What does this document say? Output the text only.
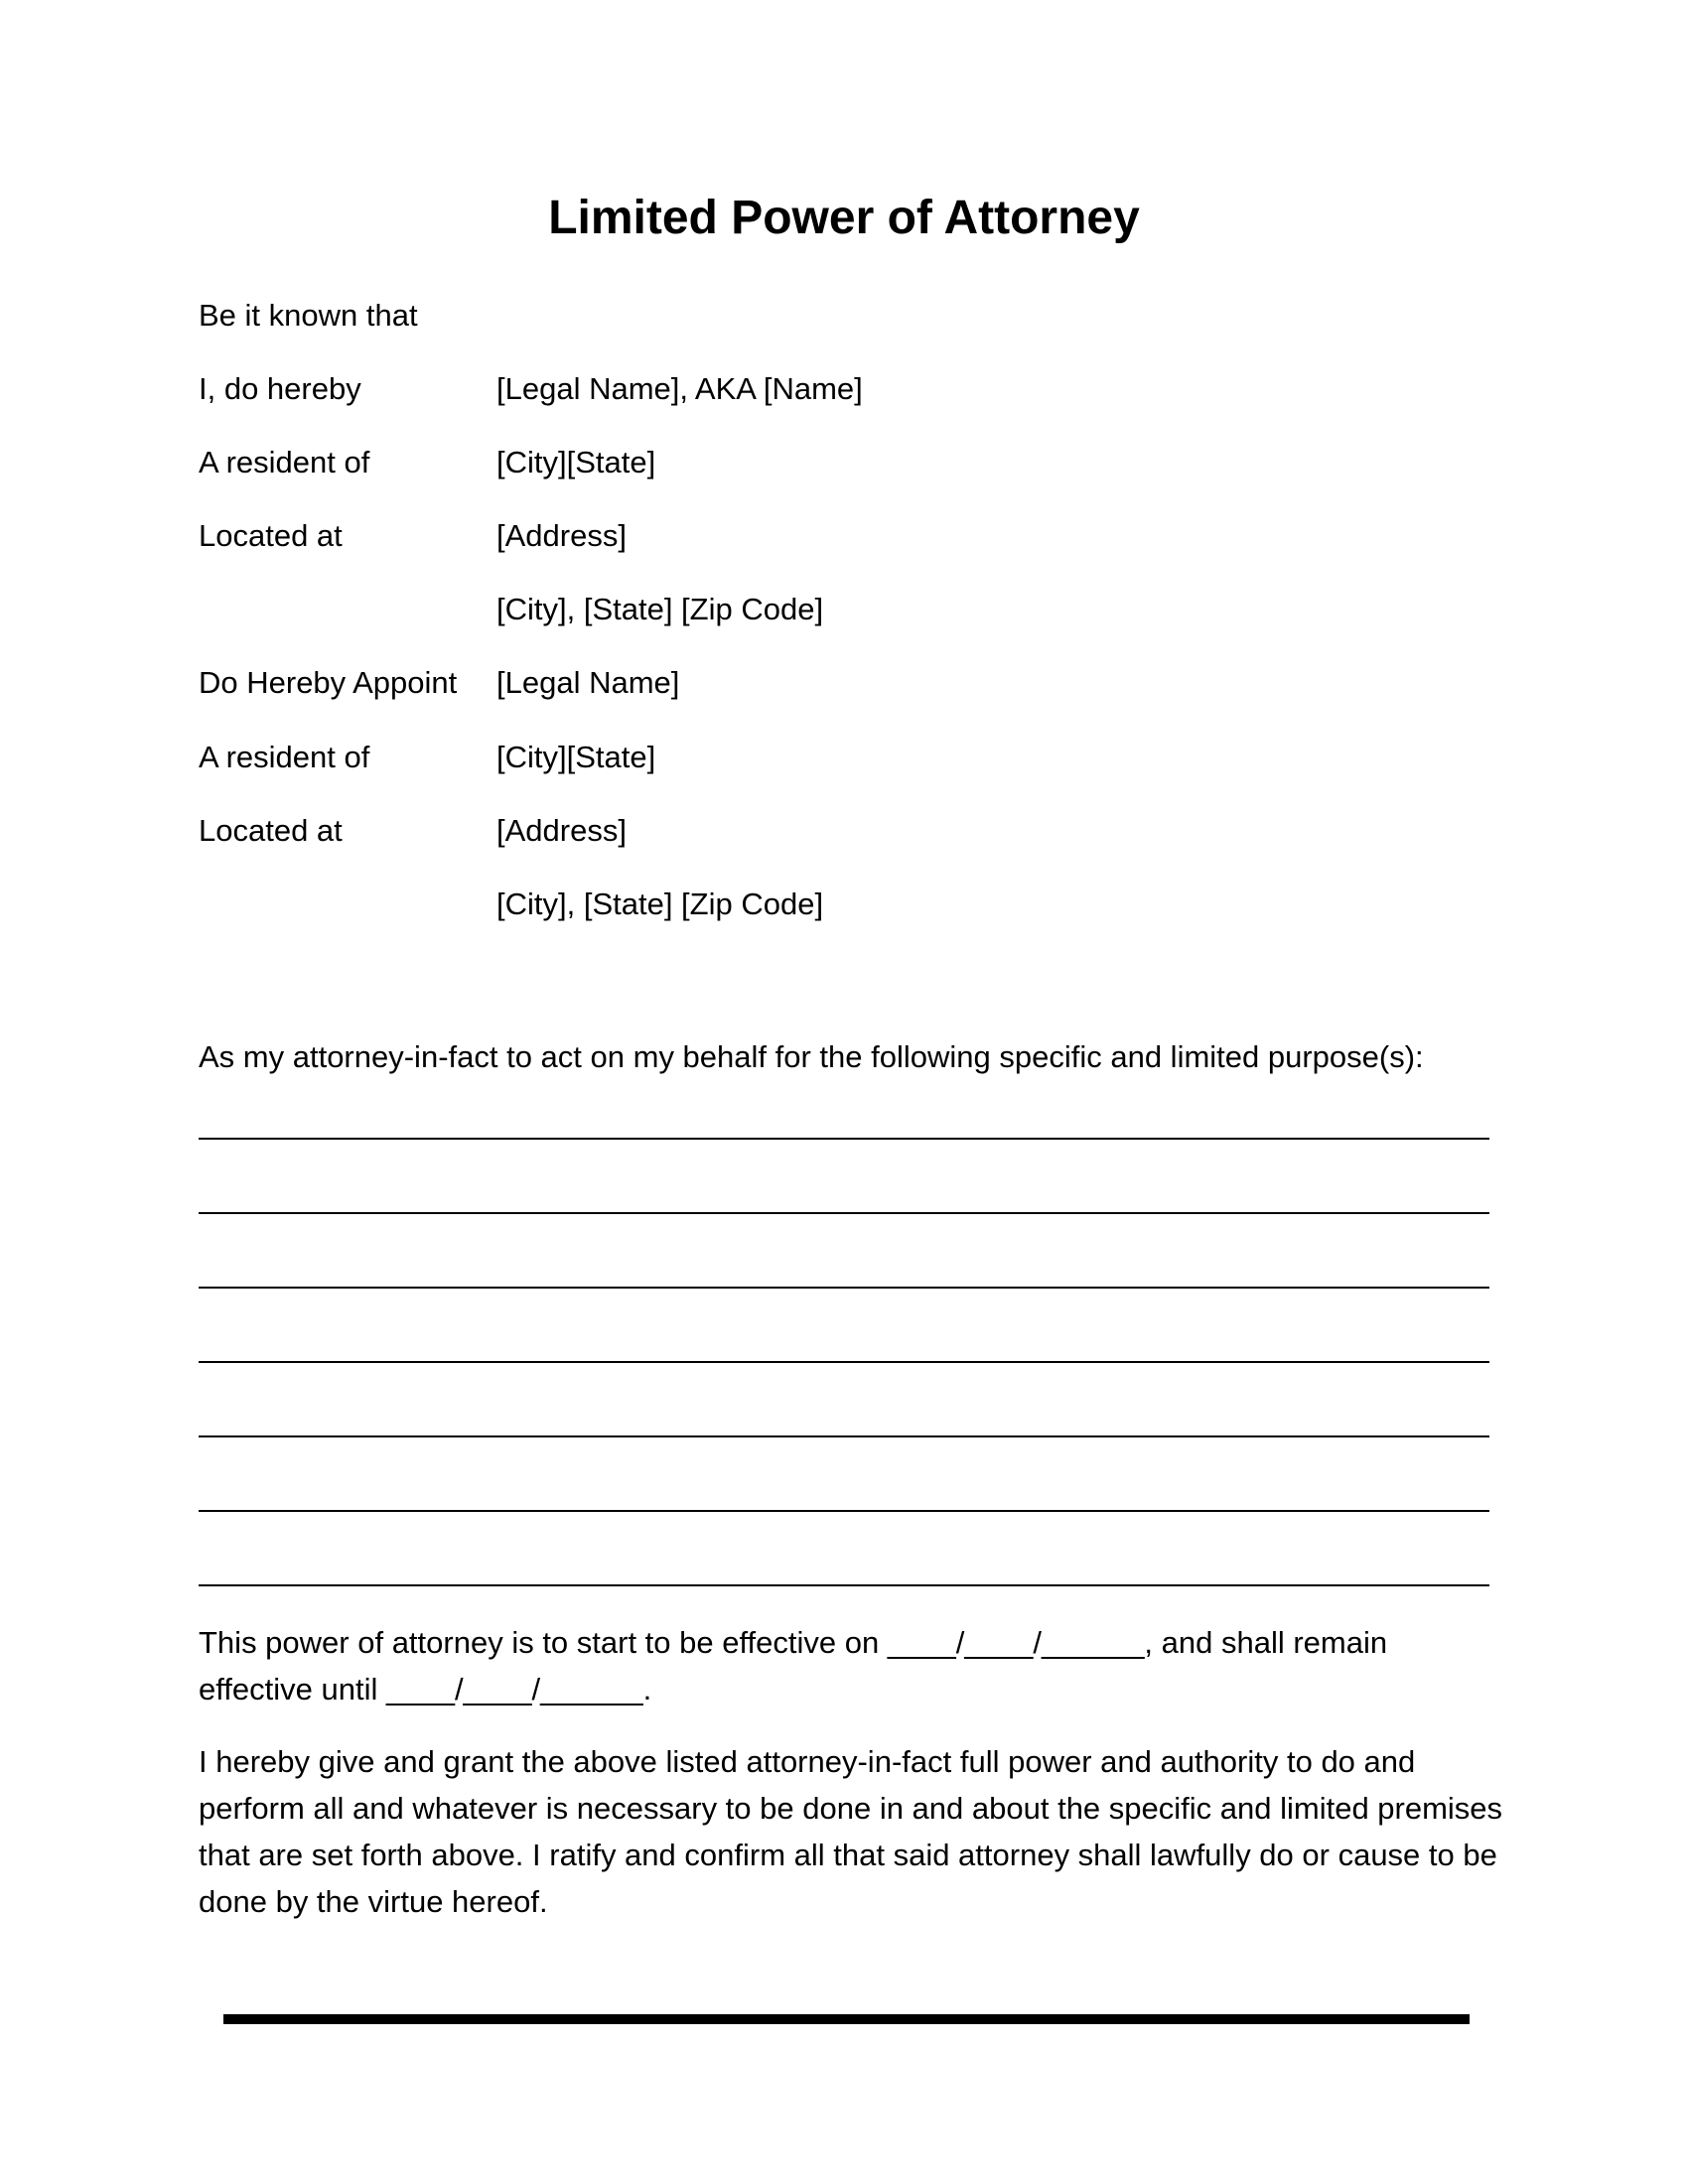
Limited Power of Attorney
Be it known that
I, do hereby	[Legal Name], AKA [Name]
A resident of	[City][State]
Located at	[Address]
[City], [State] [Zip Code]
Do Hereby Appoint [Legal Name]
A resident of	[City][State]
Located at	[Address]
[City], [State] [Zip Code]
As my attorney-in-fact to act on my behalf for the following specific and limited purpose(s):

This power of attorney is to start to be effective on ____/____/______, and shall remain effective until ____/____/______.

I hereby give and grant the above listed attorney-in-fact full power and authority to do and perform all and whatever is necessary to be done in and about the specific and limited premises that are set forth above. I ratify and confirm all that said attorney shall lawfully do or cause to be done by the virtue hereof.
